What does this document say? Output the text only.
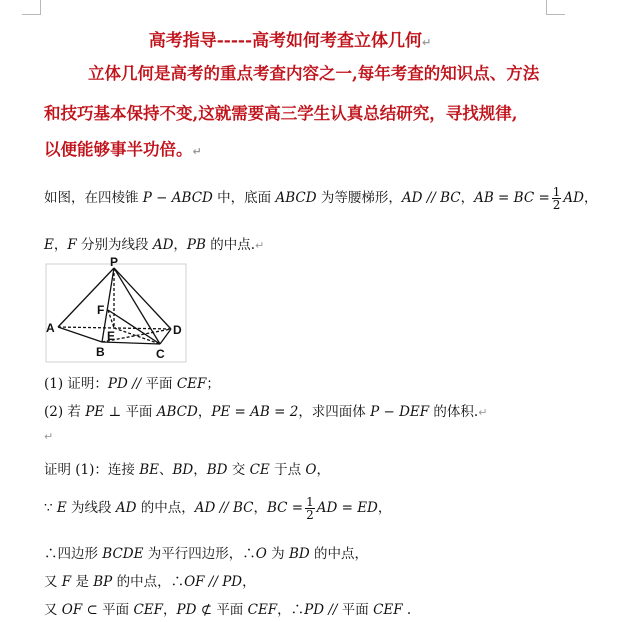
高考指导-----高考如何考查立体几何↵
立体几何是高考的重点考查内容之一,每年考查的知识点、方法
和技巧基本保持不变,这就需要高三学生认真总结研究，寻找规律,
以便能够事半功倍。↵
如图，在四棱锥 P − ABCD 中，底面 ABCD 为等腰梯形，AD // BC，AB = BC = $\frac{1}{2}$ AD，
E，F 分别为线段 AD，PB 的中点.↵
P
F
A
E	D
B	C
(1) 证明：PD // 平面 CEF；
(2) 若 PE ⊥ 平面 ABCD，PE = AB = 2，求四面体 P − DEF 的体积.↵
↵
证明 (1)：连接 BE、BD，BD 交 CE 于点 O，
∵ E 为线段 AD 的中点，AD // BC，BC = $\frac{1}{2}$ AD = ED，
∴四边形 BCDE 为平行四边形，∴O 为 BD 的中点，
又 F 是 BP 的中点，∴OF // PD，
又 OF ⊂ 平面 CEF，PD ⊄ 平面 CEF，∴PD // 平面 CEF .
